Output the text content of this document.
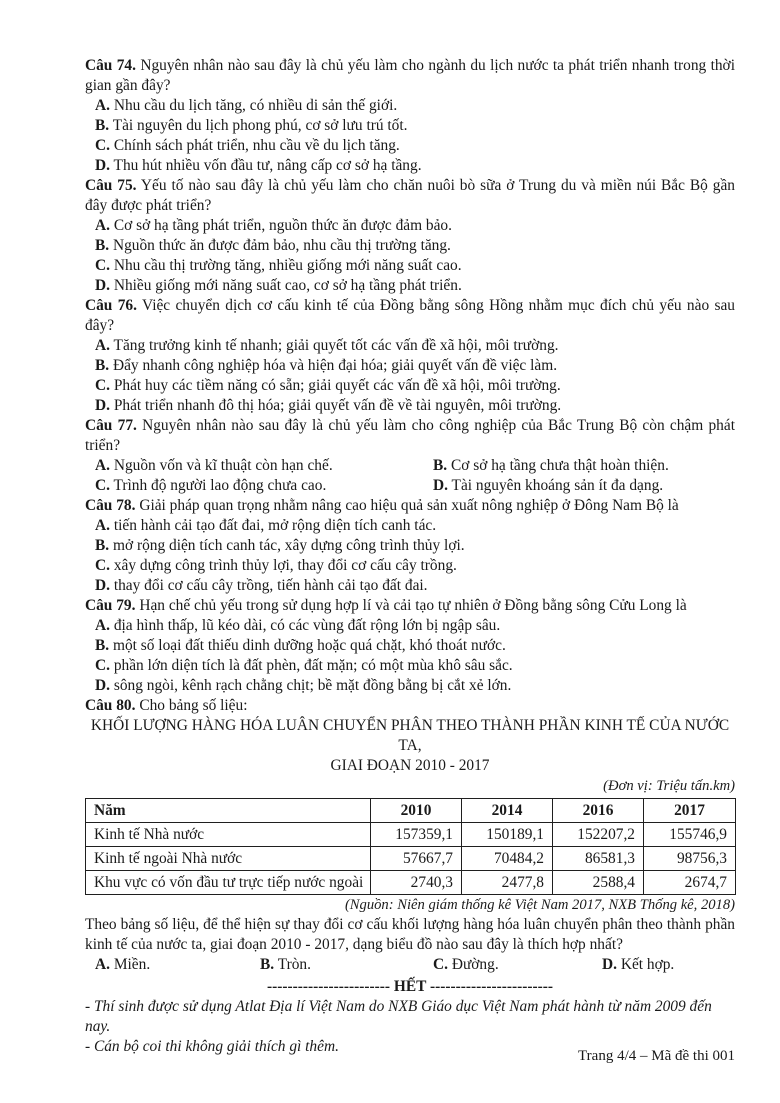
Câu 74. Nguyên nhân nào sau đây là chủ yếu làm cho ngành du lịch nước ta phát triển nhanh trong thời gian gần đây?

A. Nhu cầu du lịch tăng, có nhiều di sản thế giới.

B. Tài nguyên du lịch phong phú, cơ sở lưu trú tốt.

C. Chính sách phát triển, nhu cầu về du lịch tăng.

D. Thu hút nhiều vốn đầu tư, nâng cấp cơ sở hạ tầng.

Câu 75. Yếu tố nào sau đây là chủ yếu làm cho chăn nuôi bò sữa ở Trung du và miền núi Bắc Bộ gần đây được phát triển?

A. Cơ sở hạ tầng phát triển, nguồn thức ăn được đảm bảo.

B. Nguồn thức ăn được đảm bảo, nhu cầu thị trường tăng.

C. Nhu cầu thị trường tăng, nhiều giống mới năng suất cao.

D. Nhiều giống mới năng suất cao, cơ sở hạ tầng phát triển.

Câu 76. Việc chuyển dịch cơ cấu kinh tế của Đồng bằng sông Hồng nhằm mục đích chủ yếu nào sau đây?

A. Tăng trưởng kinh tế nhanh; giải quyết tốt các vấn đề xã hội, môi trường.

B. Đẩy nhanh công nghiệp hóa và hiện đại hóa; giải quyết vấn đề việc làm.

C. Phát huy các tiềm năng có sẵn; giải quyết các vấn đề xã hội, môi trường.

D. Phát triển nhanh đô thị hóa; giải quyết vấn đề về tài nguyên, môi trường.

Câu 77. Nguyên nhân nào sau đây là chủ yếu làm cho công nghiệp của Bắc Trung Bộ còn chậm phát triển?

A. Nguồn vốn và kĩ thuật còn hạn chế.	B. Cơ sở hạ tầng chưa thật hoàn thiện.

C. Trình độ người lao động chưa cao.	D. Tài nguyên khoáng sản ít đa dạng.

Câu 78. Giải pháp quan trọng nhằm nâng cao hiệu quả sản xuất nông nghiệp ở Đông Nam Bộ là

A. tiến hành cải tạo đất đai, mở rộng diện tích canh tác.

B. mở rộng diện tích canh tác, xây dựng công trình thủy lợi.

C. xây dựng công trình thủy lợi, thay đổi cơ cấu cây trồng.

D. thay đổi cơ cấu cây trồng, tiến hành cải tạo đất đai.

Câu 79. Hạn chế chủ yếu trong sử dụng hợp lí và cải tạo tự nhiên ở Đồng bằng sông Cửu Long là

A. địa hình thấp, lũ kéo dài, có các vùng đất rộng lớn bị ngập sâu.

B. một số loại đất thiếu dinh dưỡng hoặc quá chặt, khó thoát nước.

C. phần lớn diện tích là đất phèn, đất mặn; có một mùa khô sâu sắc.

D. sông ngòi, kênh rạch chằng chịt; bề mặt đồng bằng bị cắt xẻ lớn.

Câu 80. Cho bảng số liệu:

KHỐI LƯỢNG HÀNG HÓA LUÂN CHUYỂN PHÂN THEO THÀNH PHẦN KINH TẾ CỦA NƯỚC TA,

GIAI ĐOẠN 2010 - 2017

(Đơn vị: Triệu tấn.km)

Năm	2010	2014	2016	2017
Kinh tế Nhà nước	157359,1	150189,1	152207,2	155746,9
Kinh tế ngoài Nhà nước	57667,7	70484,2	86581,3	98756,3
Khu vực có vốn đầu tư trực tiếp nước ngoài	2740,3	2477,8	2588,4	2674,7

(Nguồn: Niên giám thống kê Việt Nam 2017, NXB Thống kê, 2018)

Theo bảng số liệu, để thể hiện sự thay đổi cơ cấu khối lượng hàng hóa luân chuyển phân theo thành phần kinh tế của nước ta, giai đoạn 2010 - 2017, dạng biểu đồ nào sau đây là thích hợp nhất?

A. Miền.	B. Tròn.	C. Đường.	D. Kết hợp.

------------------------ HẾT ------------------------

- Thí sinh được sử dụng Atlat Địa lí Việt Nam do NXB Giáo dục Việt Nam phát hành từ năm 2009 đến nay.

- Cán bộ coi thi không giải thích gì thêm.

Trang 4/4 – Mã đề thi 001
